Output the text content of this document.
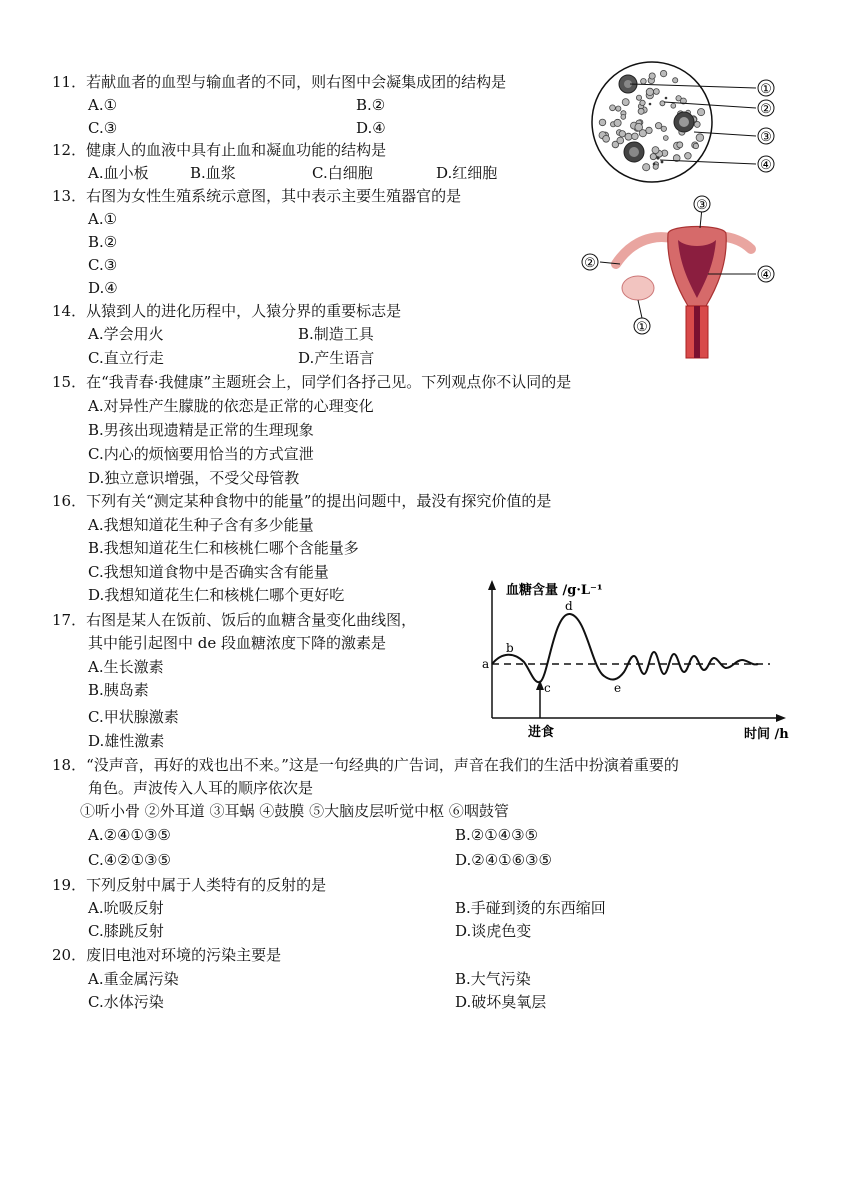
11．若献血者的血型与输血者的不同，则右图中会凝集成团的结构是
A.①	B.②
C.③	D.④
12．健康人的血液中具有止血和凝血功能的结构是
A.血小板	B.血浆	C.白细胞	D.红细胞
13．右图为女性生殖系统示意图，其中表示主要生殖器官的是
A.①
B.②
C.③
D.④
14．从猿到人的进化历程中，人猿分界的重要标志是
A.学会用火	B.制造工具
C.直立行走	D.产生语言
15．在“我青春·我健康”主题班会上，同学们各抒己见。下列观点你不认同的是
A.对异性产生朦胧的依恋是正常的心理变化
B.男孩出现遗精是正常的生理现象
C.内心的烦恼要用恰当的方式宣泄
D.独立意识增强，不受父母管教
16．下列有关“测定某种食物中的能量”的提出问题中，最没有探究价值的是
A.我想知道花生种子含有多少能量
B.我想知道花生仁和核桃仁哪个含能量多
C.我想知道食物中是否确实含有能量
D.我想知道花生仁和核桃仁哪个更好吃
17．右图是某人在饭前、饭后的血糖含量变化曲线图，
其中能引起图中 de 段血糖浓度下降的激素是
A.生长激素
B.胰岛素
C.甲状腺激素
D.雄性激素
18．“没声音，再好的戏也出不来。”这是一句经典的广告词，声音在我们的生活中扮演着重要的
角色。声波传入人耳的顺序依次是
①听小骨 ②外耳道 ③耳蜗 ④鼓膜 ⑤大脑皮层听觉中枢 ⑥咽鼓管
A.②④①③⑤	B.②①④③⑤
C.④②①③⑤	D.②④①⑥③⑤
19．下列反射中属于人类特有的反射的是
A.吮吸反射	B.手碰到烫的东西缩回
C.膝跳反射	D.谈虎色变
20．废旧电池对环境的污染主要是
A.重金属污染	B.大气污染
C.水体污染	D.破坏臭氧层
①
②
③
④
①
②
③
④
血糖含量 /g·L⁻¹
时间 /h
进食
a
b
c
d
e
